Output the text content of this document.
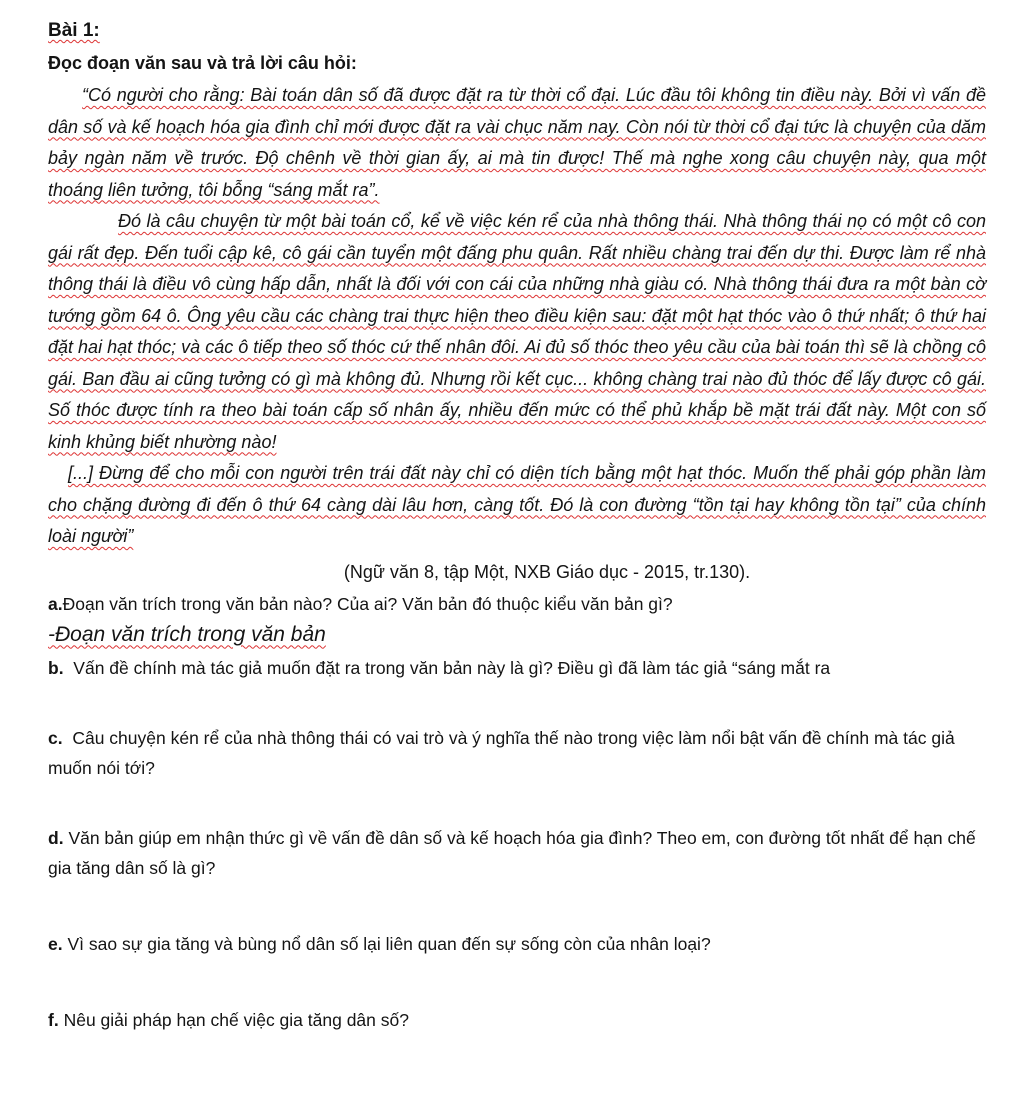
Bài 1:
Đọc đoạn văn sau và trả lời câu hỏi:

“Có người cho rằng: Bài toán dân số đã được đặt ra từ thời cổ đại. Lúc đầu tôi không tin điều này. Bởi vì vấn đề dân số và kế hoạch hóa gia đình chỉ mới được đặt ra vài chục năm nay. Còn nói từ thời cổ đại tức là chuyện của dăm bảy ngàn năm về trước. Độ chênh về thời gian ấy, ai mà tin được! Thế mà nghe xong câu chuyện này, qua một thoáng liên tưởng, tôi bỗng “sáng mắt ra”.

Đó là câu chuyện từ một bài toán cổ, kể về việc kén rể của nhà thông thái. Nhà thông thái nọ có một cô con gái rất đẹp. Đến tuổi cập kê, cô gái cần tuyển một đấng phu quân. Rất nhiều chàng trai đến dự thi. Được làm rể nhà thông thái là điều vô cùng hấp dẫn, nhất là đối với con cái của những nhà giàu có. Nhà thông thái đưa ra một bàn cờ tướng gồm 64 ô. Ông yêu cầu các chàng trai thực hiện theo điều kiện sau: đặt một hạt thóc vào ô thứ nhất; ô thứ hai đặt hai hạt thóc; và các ô tiếp theo số thóc cứ thế nhân đôi. Ai đủ số thóc theo yêu cầu của bài toán thì sẽ là chồng cô gái. Ban đầu ai cũng tưởng có gì mà không đủ. Nhưng rồi kết cục... không chàng trai nào đủ thóc để lấy được cô gái. Số thóc được tính ra theo bài toán cấp số nhân ấy, nhiều đến mức có thể phủ khắp bề mặt trái đất này. Một con số kinh khủng biết nhường nào!

[...] Đừng để cho mỗi con người trên trái đất này chỉ có diện tích bằng một hạt thóc. Muốn thế phải góp phần làm cho chặng đường đi đến ô thứ 64 càng dài lâu hơn, càng tốt. Đó là con đường “tồn tại hay không tồn tại” của chính loài người”

(Ngữ văn 8, tập Một, NXB Giáo dục - 2015, tr.130).

a.Đoạn văn trích trong văn bản nào? Của ai? Văn bản đó thuộc kiểu văn bản gì?

-Đoạn văn trích trong văn bản

b. Vấn đề chính mà tác giả muốn đặt ra trong văn bản này là gì? Điều gì đã làm tác giả “sáng mắt ra

c. Câu chuyện kén rể của nhà thông thái có vai trò và ý nghĩa thế nào trong việc làm nổi bật vấn đề chính mà tác giả muốn nói tới?

d. Văn bản giúp em nhận thức gì về vấn đề dân số và kế hoạch hóa gia đình? Theo em, con đường tốt nhất để hạn chế gia tăng dân số là gì?

e. Vì sao sự gia tăng và bùng nổ dân số lại liên quan đến sự sống còn của nhân loại?

f. Nêu giải pháp hạn chế việc gia tăng dân số?
